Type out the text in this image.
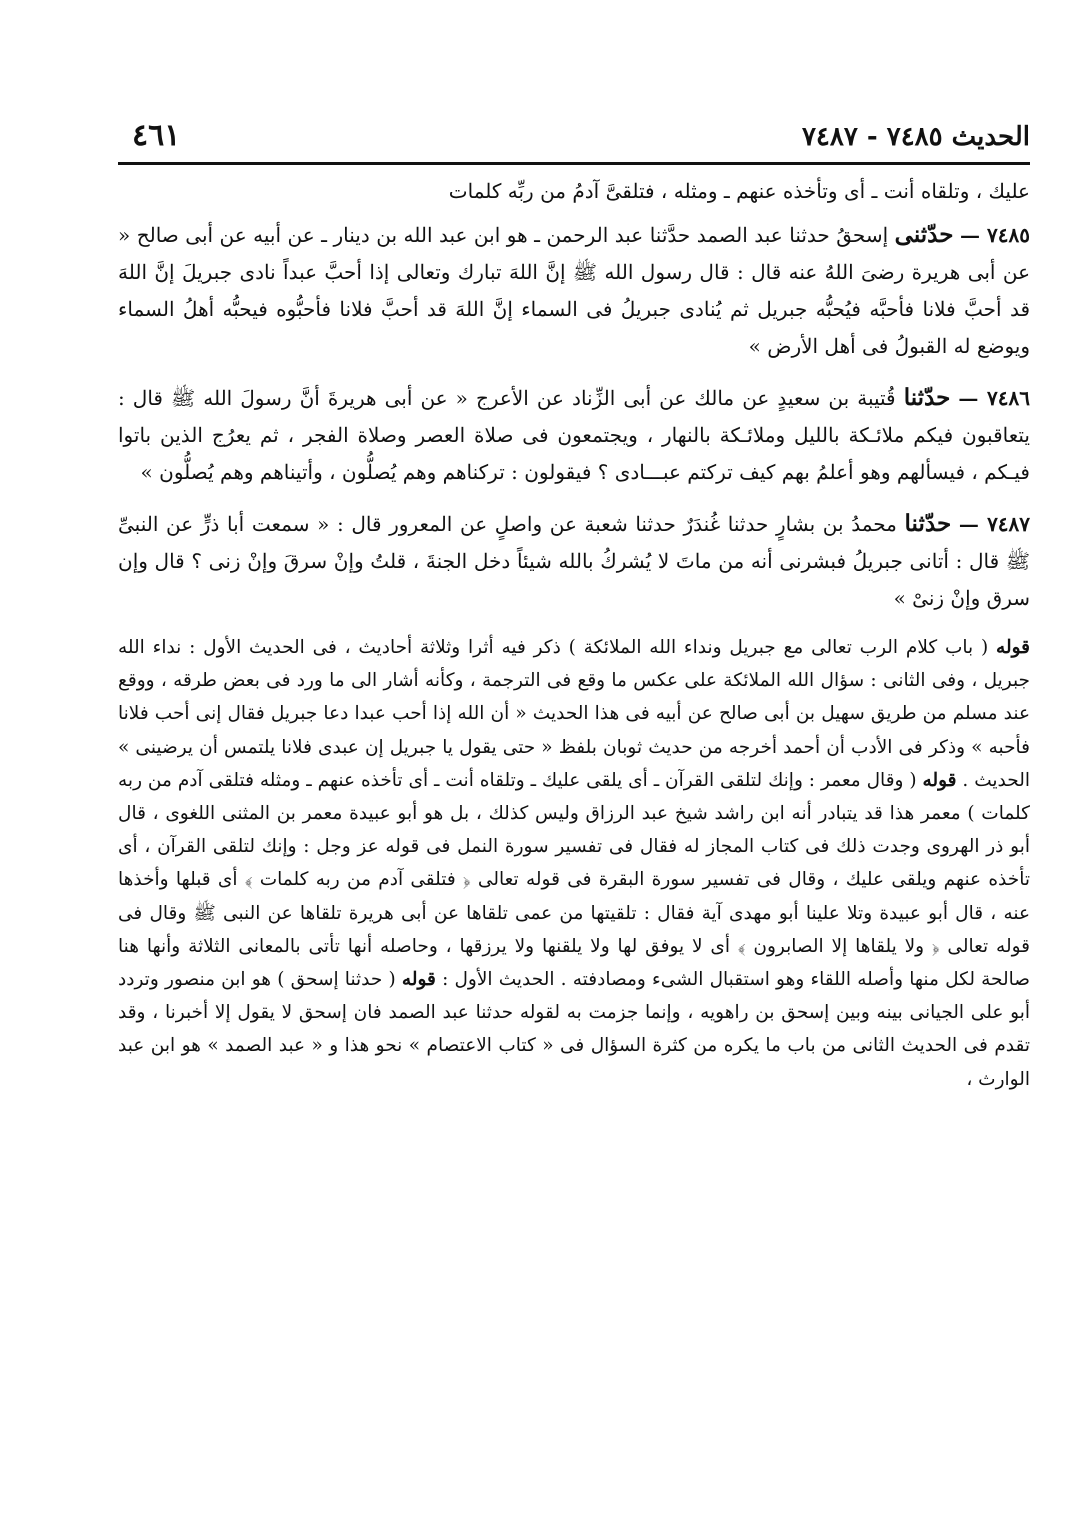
الحديث ٧٤٨٥ - ٧٤٨٧
٤٦١

عليك ، وتلقاه أنت ـ أى وتأخذه عنهم ـ ومثله ، فتلقىَّ آدمُ من ربِّه كلمات

٧٤٨٥ — حدّثنى إسحقُ حدثنا عبد الصمد حدَّثنا عبد الرحمن ـ هو ابن عبد الله بن دينار ـ عن أبيه عن أبى صالح « عن أبى هريرة رضىَ اللهُ عنه قال : قال رسول الله ﷺ إنَّ اللهَ تبارك وتعالى إذا أحبَّ عبداً نادى جبريلَ إنَّ اللهَ قد أحبَّ فلانا فأحبَّه فيُحبُّه جبريل ثم يُنادى جبريلُ فى السماء إنَّ اللهَ قد أحبَّ فلانا فأحبُّوه فيحبُّه أهلُ السماء ويوضع له القبولُ فى أهل الأرض »

٧٤٨٦ — حدّثنا قُتيبة بن سعيدٍ عن مالك عن أبى الزِّناد عن الأعرج « عن أبى هريرةَ أنَّ رسولَ الله ﷺ قال : يتعاقبون فيكم ملائـكة بالليل وملائـكة بالنهار ، ويجتمعون فى صلاة العصر وصلاة الفجر ، ثم يعرُج الذين باتوا فيـكم ، فيسألهم وهو أعلمُ بهم كيف تركتم عبـــادى ؟ فيقولون : تركناهم وهم يُصلُّون ، وأتيناهم وهم يُصلُّون »

٧٤٨٧ — حدّثنا محمدُ بن بشارٍ حدثنا غُندَرٌ حدثنا شعبة عن واصلٍ عن المعرور قال : « سمعت أبا ذرٍّ عن النبىِّ ﷺ قال : أتانى جبريلُ فبشرنى أنه من ماتَ لا يُشركُ بالله شيئاً دخل الجنةَ ، قلتُ وإنْ سرقَ وإنْ زنى ؟ قال وإن سرق وإنْ زنىْ »

قوله ( باب كلام الرب تعالى مع جبريل ونداء الله الملائكة ) ذكر فيه أثرا وثلاثة أحاديث ، فى الحديث الأول : نداء الله جبريل ، وفى الثانى : سؤال الله الملائكة على عكس ما وقع فى الترجمة ، وكأنه أشار الى ما ورد فى بعض طرقه ، ووقع عند مسلم من طريق سهيل بن أبى صالح عن أبيه فى هذا الحديث « أن الله إذا أحب عبدا دعا جبريل فقال إنى أحب فلانا فأحبه » وذكر فى الأدب أن أحمد أخرجه من حديث ثوبان بلفظ « حتى يقول يا جبريل إن عبدى فلانا يلتمس أن يرضينى » الحديث . قوله ( وقال معمر : وإنك لتلقى القرآن ـ أى يلقى عليك ـ وتلقاه أنت ـ أى تأخذه عنهم ـ ومثله فتلقى آدم من ربه كلمات ) معمر هذا قد يتبادر أنه ابن راشد شيخ عبد الرزاق وليس كذلك ، بل هو أبو عبيدة معمر بن المثنى اللغوى ، قال أبو ذر الهروى وجدت ذلك فى كتاب المجاز له فقال فى تفسير سورة النمل فى قوله عز وجل : وإنك لتلقى القرآن ، أى تأخذه عنهم ويلقى عليك ، وقال فى تفسير سورة البقرة فى قوله تعالى ﴿ فتلقى آدم من ربه كلمات ﴾ أى قبلها وأخذها عنه ، قال أبو عبيدة وتلا علينا أبو مهدى آية فقال : تلقيتها من عمى تلقاها عن أبى هريرة تلقاها عن النبى ﷺ وقال فى قوله تعالى ﴿ ولا يلقاها إلا الصابرون ﴾ أى لا يوفق لها ولا يلقنها ولا يرزقها ، وحاصله أنها تأتى بالمعانى الثلاثة وأنها هنا صالحة لكل منها وأصله اللقاء وهو استقبال الشىء ومصادفته . الحديث الأول : قوله ( حدثنا إسحق ) هو ابن منصور وتردد أبو على الجيانى بينه وبين إسحق بن راهويه ، وإنما جزمت به لقوله حدثنا عبد الصمد فان إسحق لا يقول إلا أخبرنا ، وقد تقدم فى الحديث الثانى من باب ما يكره من كثرة السؤال فى « كتاب الاعتصام » نحو هذا و « عبد الصمد » هو ابن عبد الوارث ،
